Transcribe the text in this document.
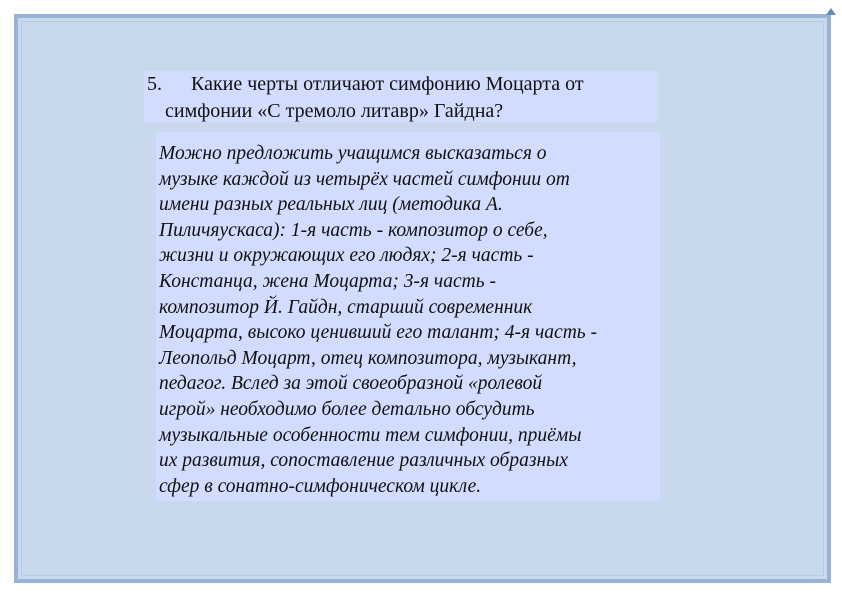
5. Какие черты отличают симфонию Моцарта от
симфонии «С тремоло литавр» Гайдна?
Можно предложить учащимся высказаться о
музыке каждой из четырёх частей симфонии от
имени разных реальных лиц (методика А.
Пиличяускаса): 1-я часть - композитор о себе,
жизни и окружающих его людях; 2-я часть -
Констанца, жена Моцарта; 3-я часть -
композитор Й. Гайдн, старший современник
Моцарта, высоко ценивший его талант; 4-я часть -
Леопольд Моцарт, отец композитора, музыкант,
педагог. Вслед за этой своеобразной «ролевой
игрой» необходимо более детально обсудить
музыкальные особенности тем симфонии, приёмы
их развития, сопоставление различных образных
сфер в сонатно-симфоническом цикле.
